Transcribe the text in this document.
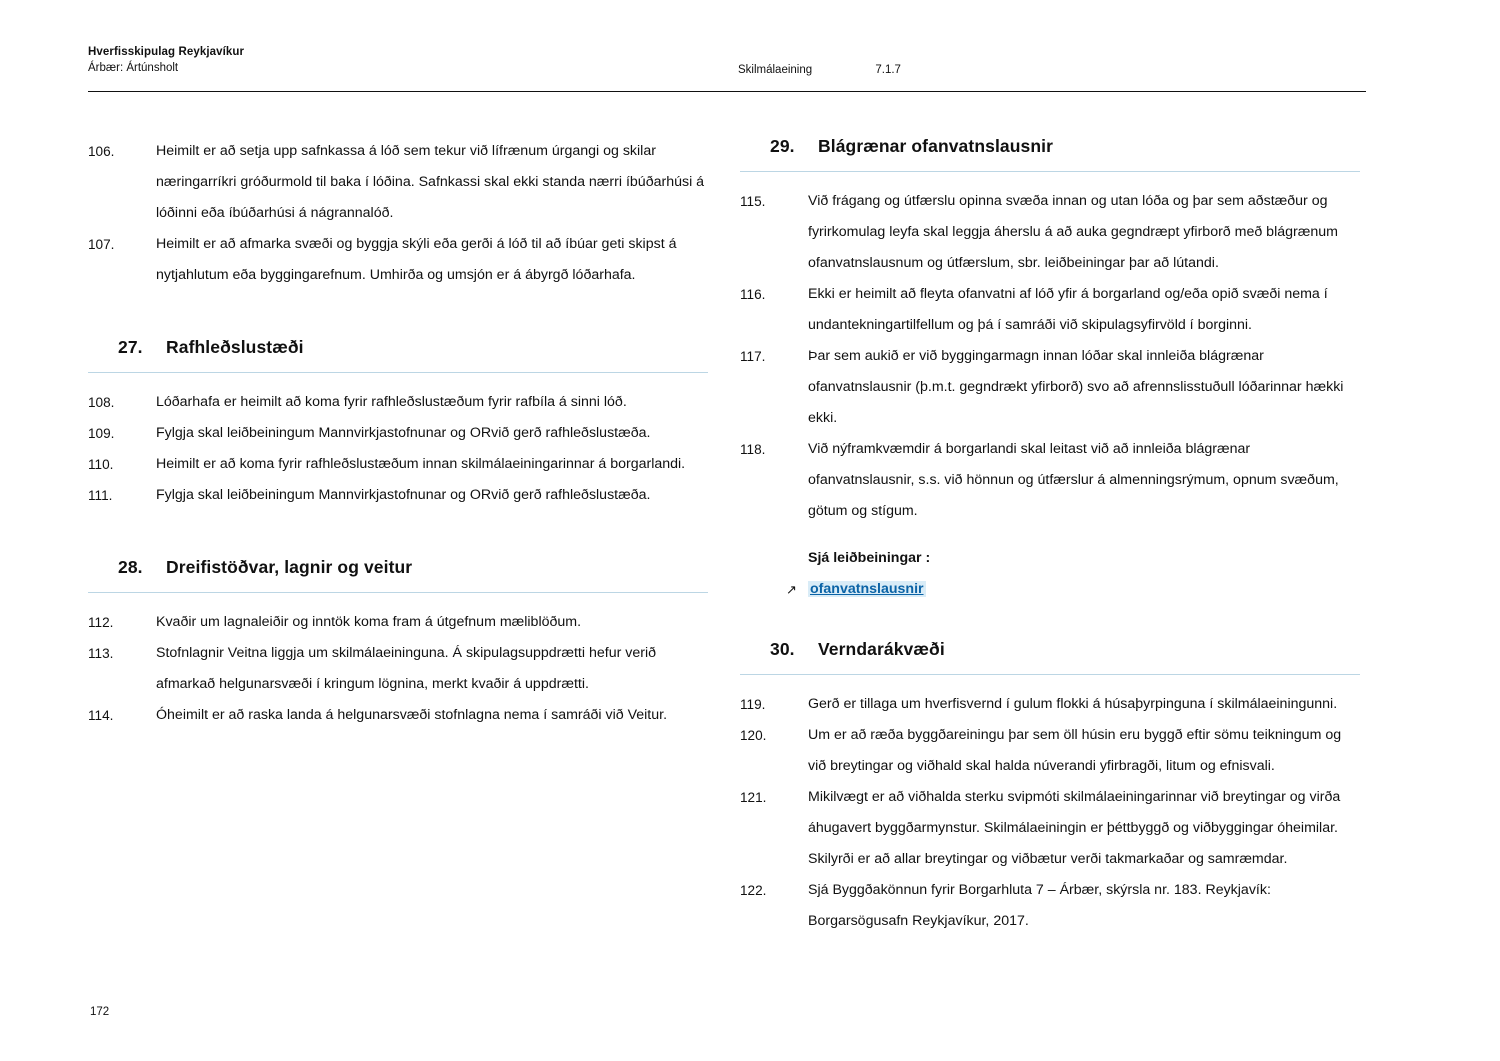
Hverfisskipulag Reykjavíkur
Árbær: Ártúnsholt	Skilmálaeining	7.1.7
106.	Heimilt er að setja upp safnkassa á lóð sem tekur við lífrænum úrgangi og skilar næringarríkri gróðurmold til baka í lóðina. Safnkassi skal ekki standa nærri íbúðarhúsi á lóðinni eða íbúðarhúsi á nágrannalóð.
107.	Heimilt er að afmarka svæði og byggja skýli eða gerði á lóð til að íbúar geti skipst á nytjahlutum eða byggingarefnum. Umhirða og umsjón er á ábyrgð lóðarhafa.
27.	Rafhleðslustæði
108.	Lóðarhafa er heimilt að koma fyrir rafhleðslustæðum fyrir rafbíla á sinni lóð.
109.	Fylgja skal leiðbeiningum Mannvirkjastofnunar og ORvið gerð rafhleðslustæða.
110.	Heimilt er að koma fyrir rafhleðslustæðum innan skilmálaeiningarinnar á borgarlandi.
111.	Fylgja skal leiðbeiningum Mannvirkjastofnunar og ORvið gerð rafhleðslustæða.
28.	Dreifistöðvar, lagnir og veitur
112.	Kvaðir um lagnaleiðir og inntök koma fram á útgefnum mæliblöðum.
113.	Stofnlagnir Veitna liggja um skilmálaeininguna. Á skipulagsuppdrætti hefur verið afmarkað helgunarsvæði í kringum lögnina, merkt kvaðir á uppdrætti.
114.	Óheimilt er að raska landa á helgunarsvæði stofnlagna nema í samráði við Veitur.
29.	Blágrænar ofanvatnslausnir
115.	Við frágang og útfærslu opinna svæða innan og utan lóða og þar sem aðstæður og fyrirkomulag leyfa skal leggja áherslu á að auka gegndræpt yfirborð með blágrænum ofanvatnslausnum og útfærslum, sbr. leiðbeiningar þar að lútandi.
116.	Ekki er heimilt að fleyta ofanvatni af lóð yfir á borgarland og/eða opið svæði nema í undantekningartilfellum og þá í samráði við skipulagsyfirvöld í borginni.
117.	Þar sem aukið er við byggingarmagn innan lóðar skal innleiða blágrænar ofanvatnslausnir (þ.m.t. gegndrækt yfirborð) svo að afrennslisstuðull lóðarinnar hækki ekki.
118.	Við nýframkvæmdir á borgarlandi skal leitast við að innleiða blágrænar ofanvatnslausnir, s.s. við hönnun og útfærslur á almenningsrýmum, opnum svæðum, götum og stígum.
Sjá leiðbeiningar :
↗ ofanvatnslausnir
30.	Verndarákvæði
119.	Gerð er tillaga um hverfisvernd í gulum flokki á húsaþyrpinguna í skilmálaeiningunni.
120.	Um er að ræða byggðareiningu þar sem öll húsin eru byggð eftir sömu teikningum og við breytingar og viðhald skal halda núverandi yfirbragði, litum og efnisvali.
121.	Mikilvægt er að viðhalda sterku svipmóti skilmálaeiningarinnar við breytingar og virða áhugavert byggðarmynstur. Skilmálaeiningin er þéttbyggð og viðbyggingar óheimilar. Skilyrði er að allar breytingar og viðbætur verði takmarkaðar og samræmdar.
122.	Sjá Byggðakönnun fyrir Borgarhluta 7 – Árbær, skýrsla nr. 183. Reykjavík: Borgarsögusafn Reykjavíkur, 2017.
172
